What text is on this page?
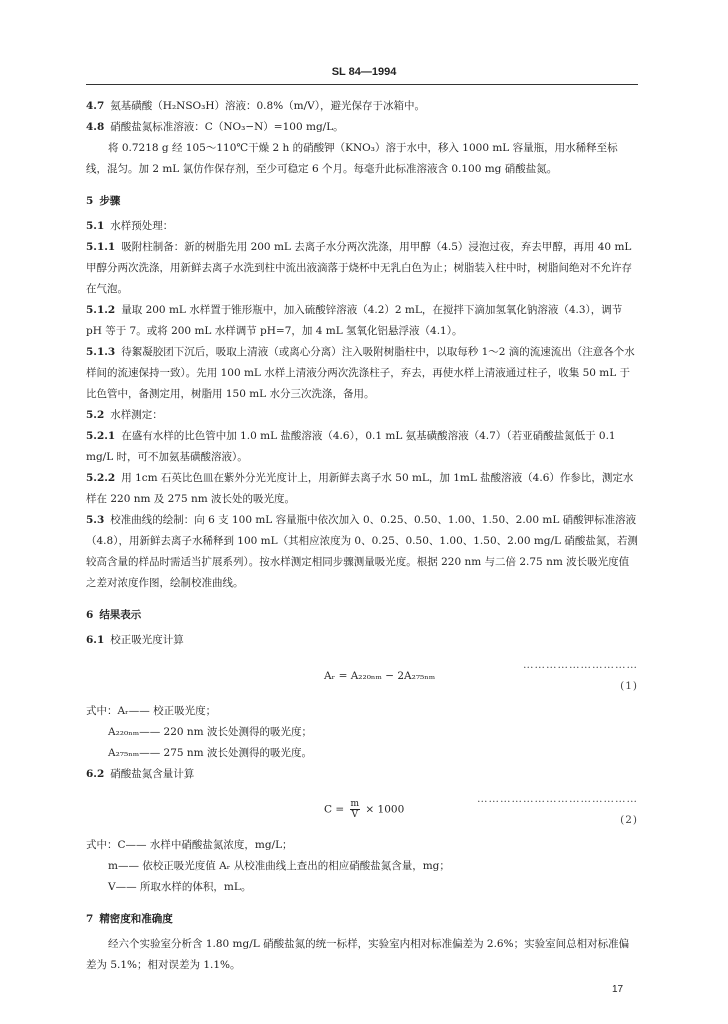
SL 84—1994

4.7 氨基磺酸（H₂NSO₃H）溶液：0.8%（m/V），避光保存于冰箱中。

4.8 硝酸盐氮标准溶液：C（NO₃−N）=100 mg/L。

将 0.7218 g 经 105～110℃干燥 2 h 的硝酸钾（KNO₃）溶于水中，移入 1000 mL 容量瓶，用水稀释至标线，混匀。加 2 mL 氯仿作保存剂，至少可稳定 6 个月。每毫升此标准溶液含 0.100 mg 硝酸盐氮。

5 步骤

5.1 水样预处理：

5.1.1 吸附柱制备：新的树脂先用 200 mL 去离子水分两次洗涤，用甲醇（4.5）浸泡过夜，弃去甲醇，再用 40 mL 甲醇分两次洗涤，用新鲜去离子水洗到柱中流出液滴落于烧杯中无乳白色为止；树脂装入柱中时，树脂间绝对不允许存在气泡。

5.1.2 量取 200 mL 水样置于锥形瓶中，加入硫酸锌溶液（4.2）2 mL，在搅拌下滴加氢氧化钠溶液（4.3），调节 pH 等于 7。或将 200 mL 水样调节 pH=7，加 4 mL 氢氧化铝悬浮液（4.1）。

5.1.3 待絮凝胶团下沉后，吸取上清液（或离心分离）注入吸附树脂柱中，以取每秒 1～2 滴的流速流出（注意各个水样间的流速保持一致）。先用 100 mL 水样上清液分两次洗涤柱子，弃去，再使水样上清液通过柱子，收集 50 mL 于比色管中，备测定用，树脂用 150 mL 水分三次洗涤，备用。

5.2 水样测定：

5.2.1 在盛有水样的比色管中加 1.0 mL 盐酸溶液（4.6），0.1 mL 氨基磺酸溶液（4.7）（若亚硝酸盐氮低于 0.1 mg/L 时，可不加氨基磺酸溶液）。

5.2.2 用 1cm 石英比色皿在紫外分光光度计上，用新鲜去离子水 50 mL，加 1mL 盐酸溶液（4.6）作参比，测定水样在 220 nm 及 275 nm 波长处的吸光度。

5.3 校准曲线的绘制：向 6 支 100 mL 容量瓶中依次加入 0、0.25、0.50、1.00、1.50、2.00 mL 硝酸钾标准溶液（4.8），用新鲜去离子水稀释到 100 mL（其相应浓度为 0、0.25、0.50、1.00、1.50、2.00 mg/L 硝酸盐氮，若测较高含量的样品时需适当扩展系列）。按水样测定相同步骤测量吸光度。根据 220 nm 与二倍 2.75 nm 波长吸光度值之差对浓度作图，绘制校准曲线。

6 结果表示

6.1 校正吸光度计算

Aᵣ = A₂₂₀ₙₘ − 2A₂₇₅ₙₘ
…………………………(1)

式中：Aᵣ—— 校正吸光度；

A₂₂₀ₙₘ—— 220 nm 波长处测得的吸光度；

A₂₇₅ₙₘ—— 275 nm 波长处测得的吸光度。

6.2 硝酸盐氮含量计算

$C = \frac{m}{V} \times 1000$
……………………………………(2)

式中：C—— 水样中硝酸盐氮浓度，mg/L；

m—— 依校正吸光度值 Aᵣ 从校准曲线上查出的相应硝酸盐氮含量，mg；

V—— 所取水样的体积，mL。

7 精密度和准确度

经六个实验室分析含 1.80 mg/L 硝酸盐氮的统一标样，实验室内相对标准偏差为 2.6%；实验室间总相对标准偏差为 5.1%；相对误差为 1.1%。

17
